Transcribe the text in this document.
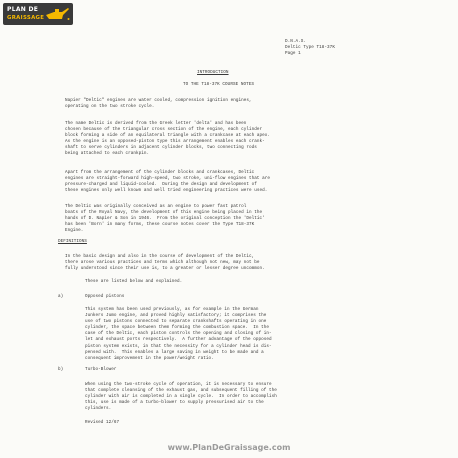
PLAN DE
GRAISSAGE
D.N.A.S.
Deltic Type T18-37K
Page 1
INTRODUCTION
TO THE T18-37K COURSE NOTES
Napier "Deltic" engines are water cooled, compression ignition engines,
operating on the two stroke cycle.
The name Deltic is derived from the Greek letter 'delta' and has been
chosen because of the triangular cross section of the engine, each cylinder
block forming a side of an equilateral triangle with a crankcase at each apex.
As the engine is an opposed-piston type this arrangement enables each crank-
shaft to serve cylinders in adjacent cylinder blocks, two connecting rods
being attached to each crankpin.
Apart from the arrangement of the cylinder blocks and crankcases, Deltic
engines are straight-forward high-speed, two stroke, uni-flow engines that are
pressure-charged and liquid-cooled.  During the design and development of
these engines only well known and well tried engineering practices were used.
The Deltic was originally conceived as an engine to power fast patrol
boats of the Royal Navy, the development of this engine being placed in the
hands of D. Napier & Son in 1946.  From the original conception the 'Deltic'
has been 'Born' in many forms, these course notes cover the Type T18-37K
Engine.
DEFINITIONS
In the basic design and also in the course of development of the Deltic,
there arose various practices and terms which although not new, may not be
fully understood since their use is, to a greater or lesser degree uncommon.
These are listed below and explained.
a)	Opposed pistons
This system has been used previously, as for example in the German
Junkers Jumo engine, and proved highly satisfactory; it comprises the
use of two pistons connected to separate crankshafts operating in one
cylinder, the space between them forming the combustion space.  In the
case of the Deltic, each piston controls the opening and closing of in-
let and exhaust ports respectively.  A further advantage of the opposed
piston system exists, in that the necessity for a cylinder head is dis-
pensed with.  This enables a large saving in weight to be made and a
consequent improvement in the power/weight ratio.
b)	Turbo-Blower
When using the two-stroke cycle of operation, it is necessary to ensure
that complete cleansing of the exhaust gas, and subsequent filling of the
cylinder with air is completed in a single cycle.  In order to accomplish
this, use is made of a turbo-blower to supply pressurised air to the
cylinders.
Revised 12/67
www.PlanDeGraissage.com
